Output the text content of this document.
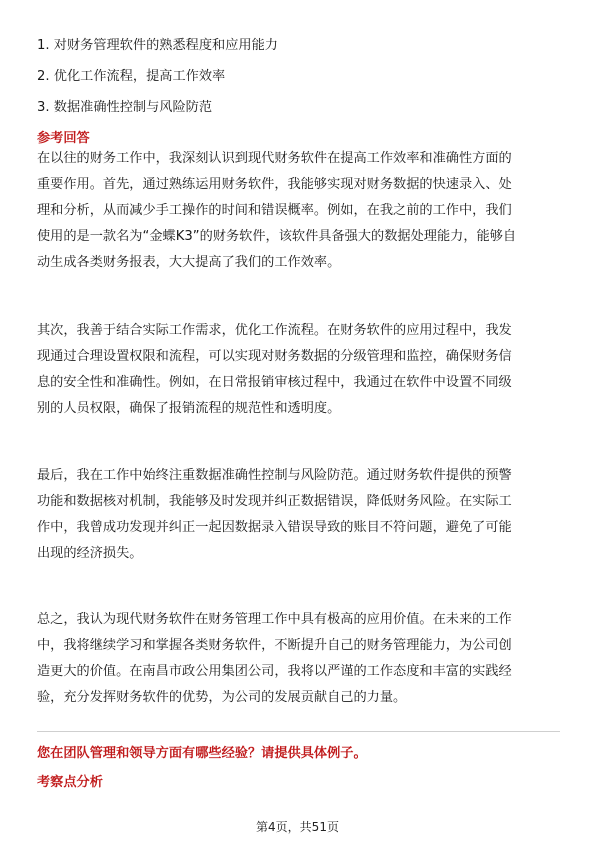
1. 对财务管理软件的熟悉程度和应用能力
2. 优化工作流程，提高工作效率
3. 数据准确性控制与风险防范
参考回答
在以往的财务工作中，我深刻认识到现代财务软件在提高工作效率和准确性方面的
重要作用。首先，通过熟练运用财务软件，我能够实现对财务数据的快速录入、处
理和分析，从而减少手工操作的时间和错误概率。例如，在我之前的工作中，我们
使用的是一款名为“金蝶K3”的财务软件，该软件具备强大的数据处理能力，能够自
动生成各类财务报表，大大提高了我们的工作效率。
其次，我善于结合实际工作需求，优化工作流程。在财务软件的应用过程中，我发
现通过合理设置权限和流程，可以实现对财务数据的分级管理和监控，确保财务信
息的安全性和准确性。例如，在日常报销审核过程中，我通过在软件中设置不同级
别的人员权限，确保了报销流程的规范性和透明度。
最后，我在工作中始终注重数据准确性控制与风险防范。通过财务软件提供的预警
功能和数据核对机制，我能够及时发现并纠正数据错误，降低财务风险。在实际工
作中，我曾成功发现并纠正一起因数据录入错误导致的账目不符问题，避免了可能
出现的经济损失。
总之，我认为现代财务软件在财务管理工作中具有极高的应用价值。在未来的工作
中，我将继续学习和掌握各类财务软件，不断提升自己的财务管理能力，为公司创
造更大的价值。在南昌市政公用集团公司，我将以严谨的工作态度和丰富的实践经
验，充分发挥财务软件的优势，为公司的发展贡献自己的力量。
您在团队管理和领导方面有哪些经验？请提供具体例子。
考察点分析
第4页，共51页
